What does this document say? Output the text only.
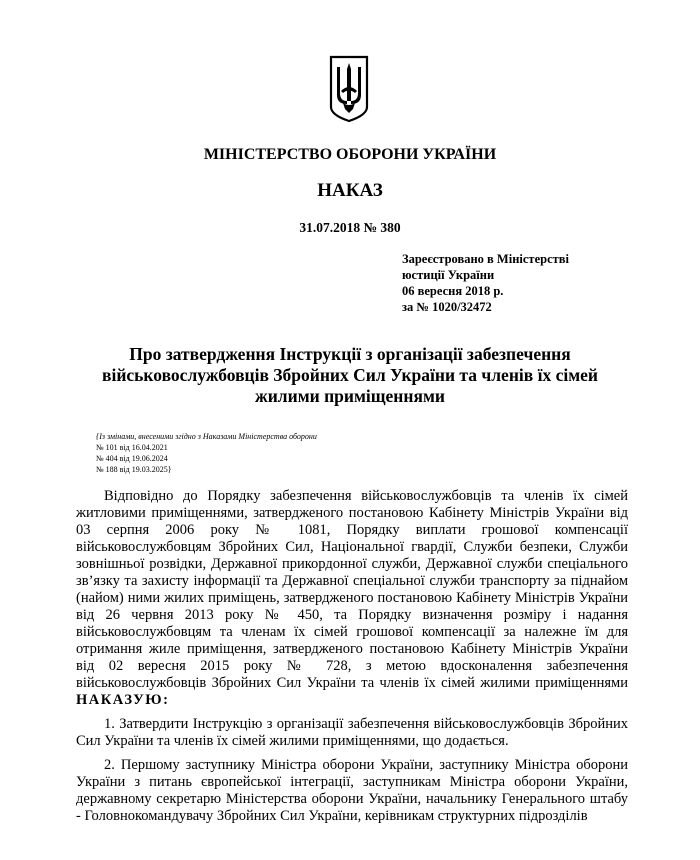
МІНІСТЕРСТВО ОБОРОНИ УКРАЇНИ
НАКАЗ
31.07.2018 № 380
Зареєстровано в Міністерстві
юстиції України
06 вересня 2018 р.
за № 1020/32472
Про затвердження Інструкції з організації забезпечення військовослужбовців Збройних Сил України та членів їх сімей жилими приміщеннями
{Із змінами, внесеними згідно з Наказами Міністерства оборони
№ 101 від 16.04.2021
№ 404 від 19.06.2024
№ 188 від 19.03.2025}

Відповідно до Порядку забезпечення військовослужбовців та членів їх сімей житловими приміщеннями, затвердженого постановою Кабінету Міністрів України від 03 серпня 2006 року № 1081, Порядку виплати грошової компенсації військовослужбовцям Збройних Сил, Національної гвардії, Служби безпеки, Служби зовнішньої розвідки, Державної прикордонної служби, Державної служби спеціального зв’язку та захисту інформації та Державної спеціальної служби транспорту за піднайом (найом) ними жилих приміщень, затвердженого постановою Кабінету Міністрів України від 26 червня 2013 року № 450, та Порядку визначення розміру і надання військовослужбовцям та членам їх сімей грошової компенсації за належне їм для отримання жиле приміщення, затвердженого постановою Кабінету Міністрів України від 02 вересня 2015 року № 728, з метою вдосконалення забезпечення військовослужбовців Збройних Сил України та членів їх сімей жилими приміщеннями НАКАЗУЮ:

1. Затвердити Інструкцію з організації забезпечення військовослужбовців Збройних Сил України та членів їх сімей жилими приміщеннями, що додається.

2. Першому заступнику Міністра оборони України, заступнику Міністра оборони України з питань європейської інтеграції, заступникам Міністра оборони України, державному секретарю Міністерства оборони України, начальнику Генерального штабу - Головнокомандувачу Збройних Сил України, керівникам структурних підрозділів
